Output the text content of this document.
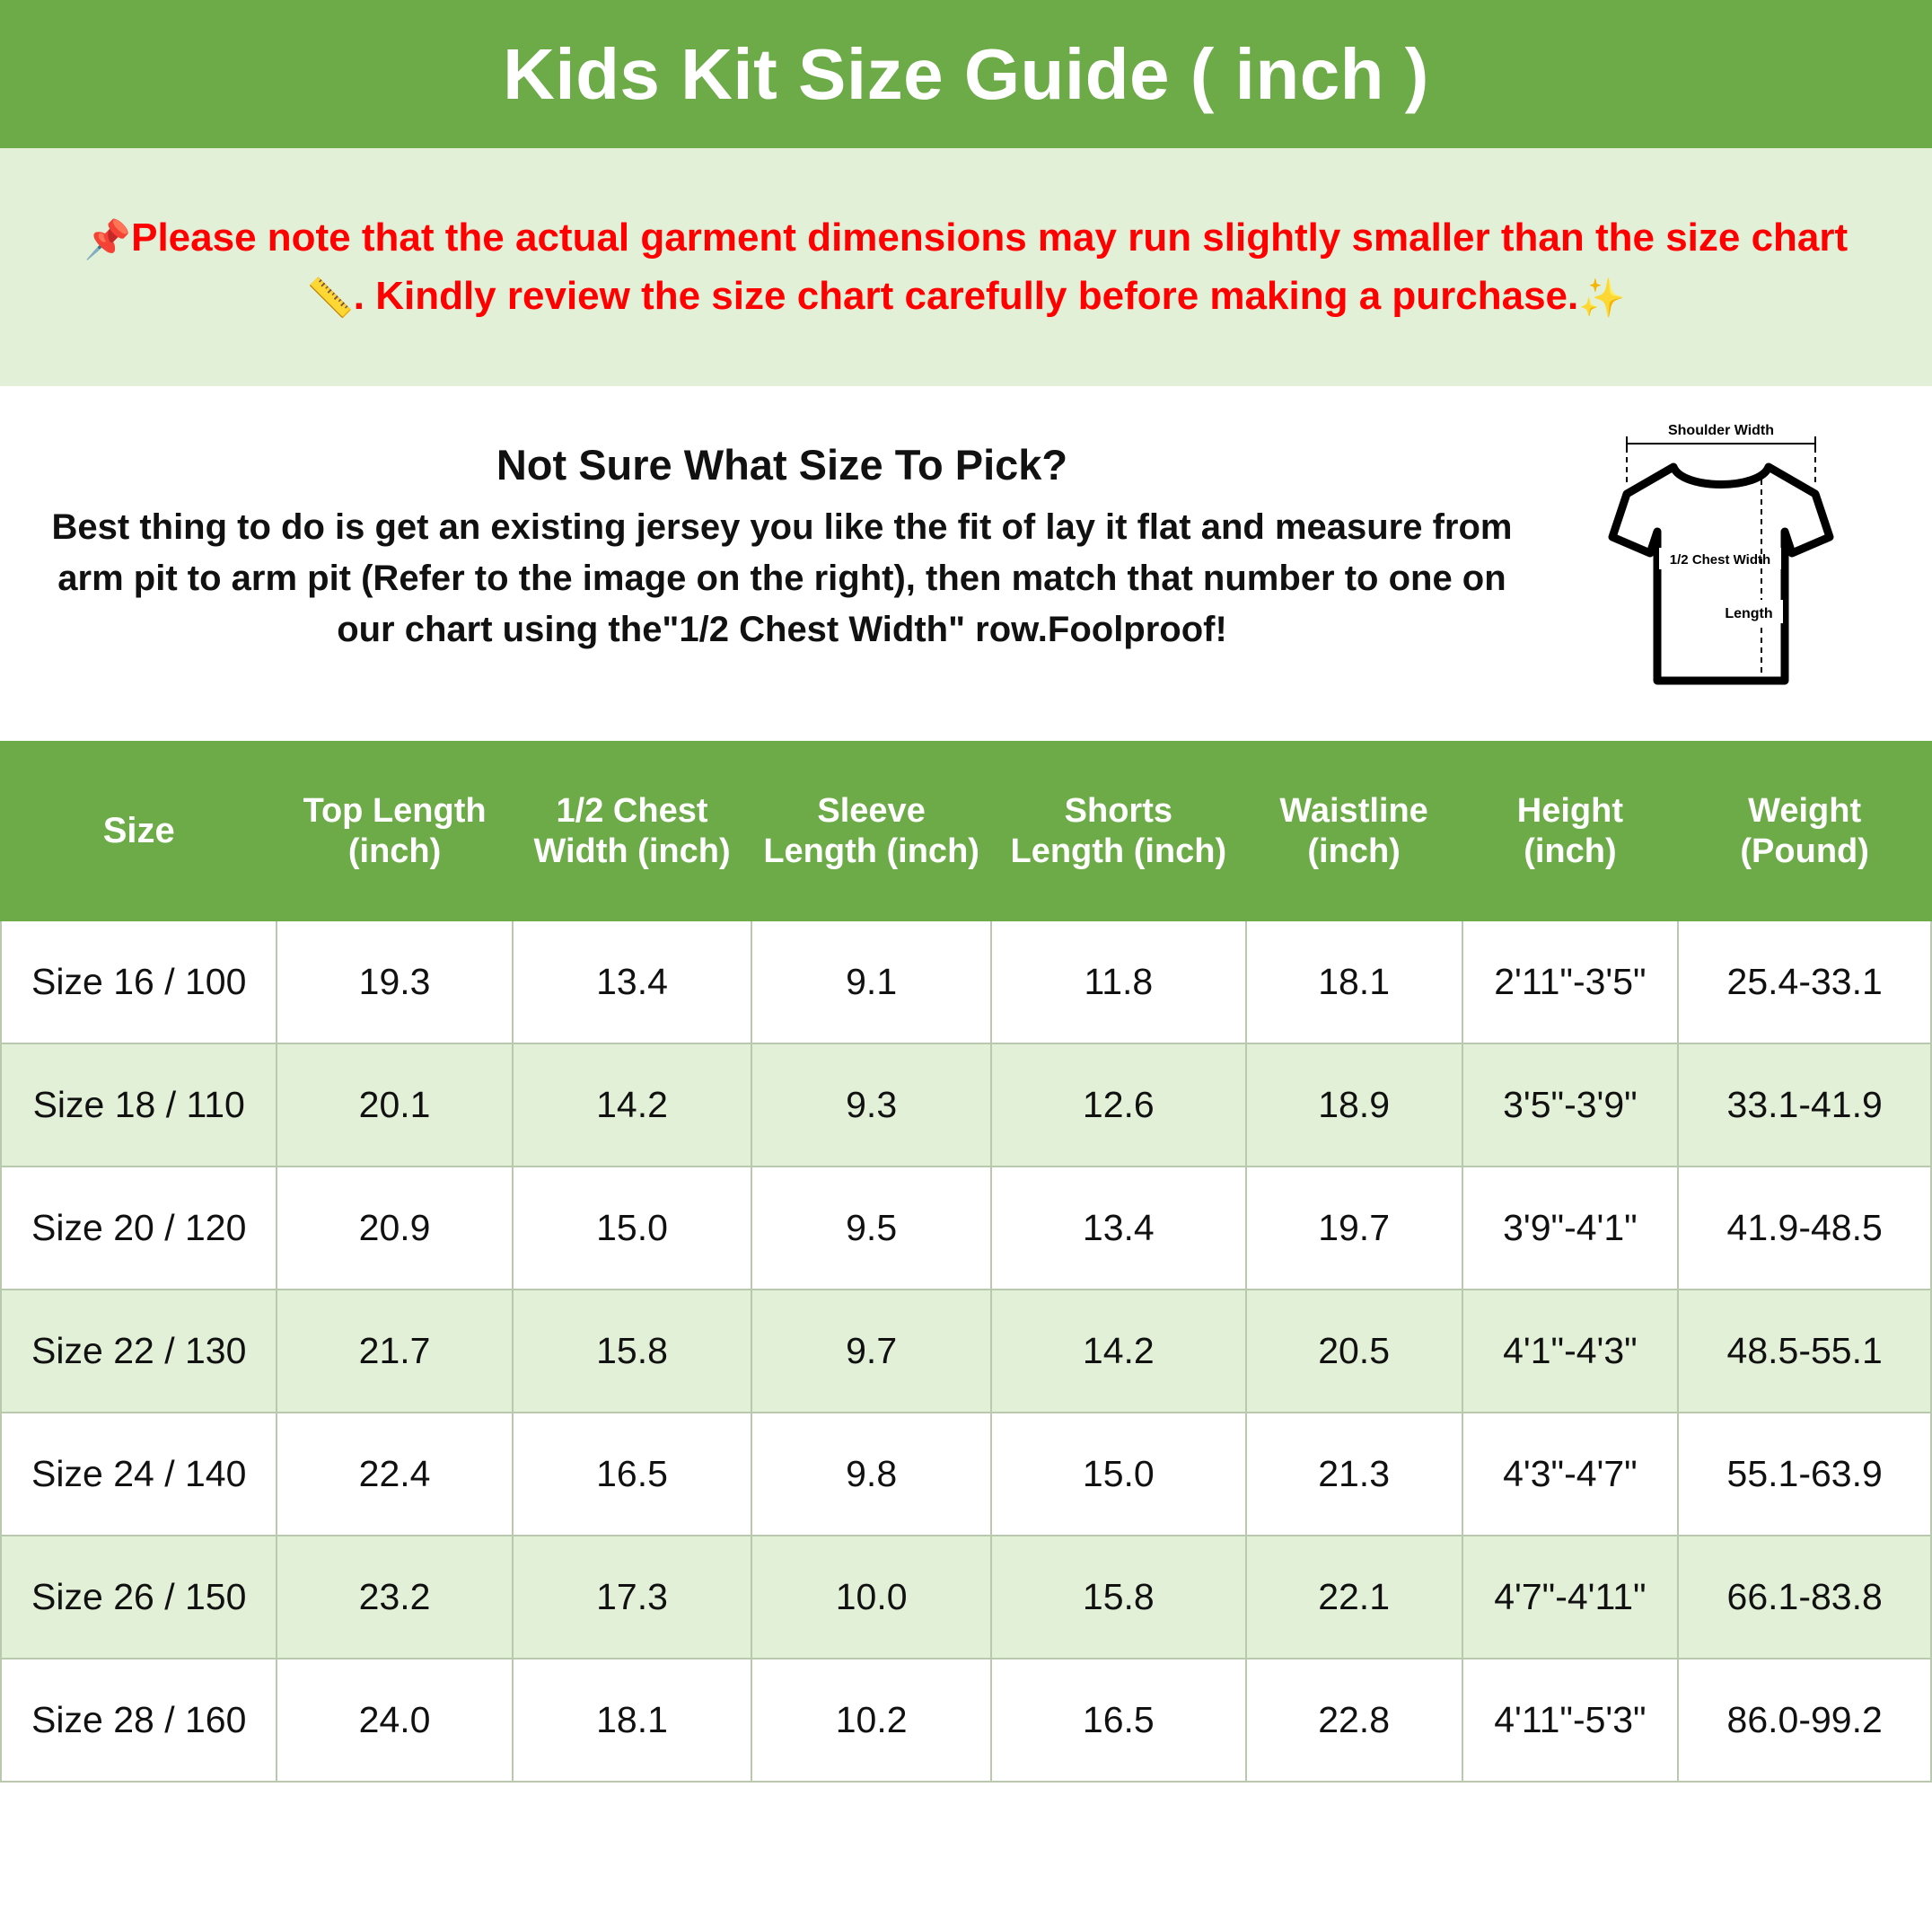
Kids Kit Size Guide ( inch )
📌Please note that the actual garment dimensions may run slightly smaller than the size chart
📏. Kindly review the size chart carefully before making a purchase.✨
Not Sure What Size To Pick?
Best thing to do is get an existing jersey you like the fit of lay it flat and measure from arm pit to arm pit (Refer to the image on the right), then match that number to one on our chart using the"1/2 Chest Width" row.Foolproof!
Shoulder Width
1/2 Chest Width
Length
Size

Top Length
(inch)

1/2 Chest
Width (inch)

Sleeve
Length (inch)

Shorts
Length (inch)

Waistline
(inch)

Height
(inch)

Weight
(Pound)

Size 16 / 100	19.3	13.4	9.1	11.8	18.1	2'11"-3'5"	25.4-33.1
Size 18 / 110	20.1	14.2	9.3	12.6	18.9	3'5"-3'9"	33.1-41.9
Size 20 / 120	20.9	15.0	9.5	13.4	19.7	3'9"-4'1"	41.9-48.5
Size 22 / 130	21.7	15.8	9.7	14.2	20.5	4'1"-4'3"	48.5-55.1
Size 24 / 140	22.4	16.5	9.8	15.0	21.3	4'3"-4'7"	55.1-63.9
Size 26 / 150	23.2	17.3	10.0	15.8	22.1	4'7"-4'11"	66.1-83.8
Size 28 / 160	24.0	18.1	10.2	16.5	22.8	4'11"-5'3"	86.0-99.2
